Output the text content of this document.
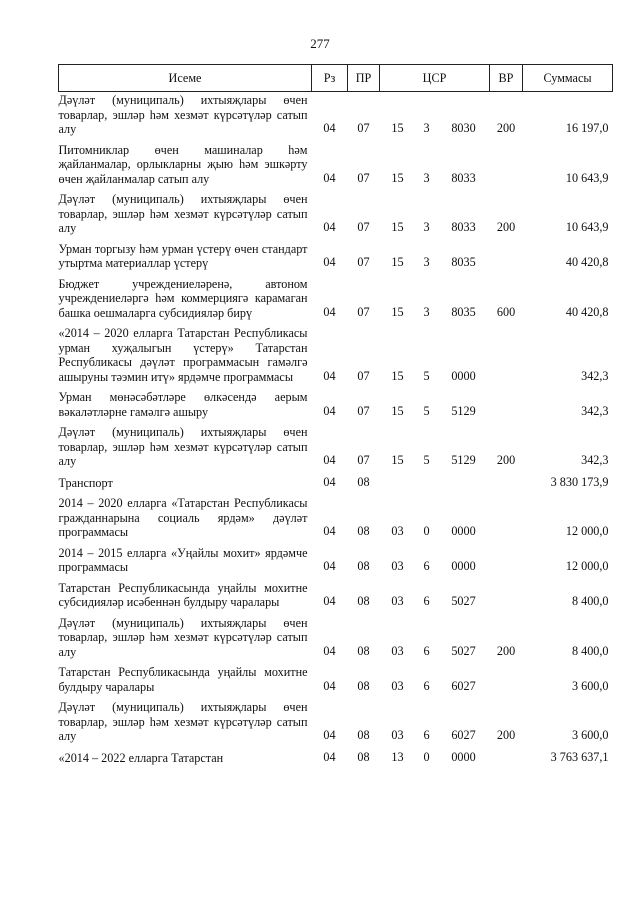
277
Исеме	Рз	ПР	ЦСР			ВР	Суммасы
Дәүләт (муниципаль) ихтыяҗлары өчен товарлар, эшләр һәм хезмәт күрсәтүләр сатып алу	04	07	15	3	8030	200	16 197,0
Питомниклар өчен машиналар һәм җайланмалар, орлыкларны җыю һәм эшкәрту өчен җайланмалар сатып алу	04	07	15	3	8033		10 643,9
Дәүләт (муниципаль) ихтыяҗлары өчен товарлар, эшләр һәм хезмәт күрсәтүләр сатып алу	04	07	15	3	8033	200	10 643,9
Урман торгызу һәм урман үстерү өчен стандарт утыртма материаллар үстерү	04	07	15	3	8035		40 420,8
Бюджет учреждениеләренә, автоном учреждениеләргә һәм коммерциягә карамаган башка оешмаларга субсидияләр бирү	04	07	15	3	8035	600	40 420,8
«2014 – 2020 елларга Татарстан Республикасы урман хуҗалыгын үстерү» Татарстан Республикасы дәүләт программасын гамәлгә ашыруны тәэмин итү» ярдәмче программасы	04	07	15	5	0000		342,3
Урман мөнәсәбәтләре өлкәсендә аерым вәкаләтләрне гамәлгә ашыру	04	07	15	5	5129		342,3
Дәүләт (муниципаль) ихтыяҗлары өчен товарлар, эшләр һәм хезмәт күрсәтүләр сатып алу	04	07	15	5	5129	200	342,3
Транспорт	04	08					3 830 173,9
2014 – 2020 елларга «Татарстан Республикасы гражданнарына социаль ярдәм» дәүләт программасы	04	08	03	0	0000		12 000,0
2014 – 2015 елларга «Уңайлы мохит» ярдәмче программасы	04	08	03	6	0000		12 000,0
Татарстан Республикасында уңайлы мохитне субсидияләр исәбеннән булдыру чаралары	04	08	03	6	5027		8 400,0
Дәүләт (муниципаль) ихтыяҗлары өчен товарлар, эшләр һәм хезмәт күрсәтүләр сатып алу	04	08	03	6	5027	200	8 400,0
Татарстан Республикасында уңайлы мохитне булдыру чаралары	04	08	03	6	6027		3 600,0
Дәүләт (муниципаль) ихтыяҗлары өчен товарлар, эшләр һәм хезмәт күрсәтүләр сатып алу	04	08	03	6	6027	200	3 600,0
«2014 – 2022 елларга Татарстан	04	08	13	0	0000		3 763 637,1
